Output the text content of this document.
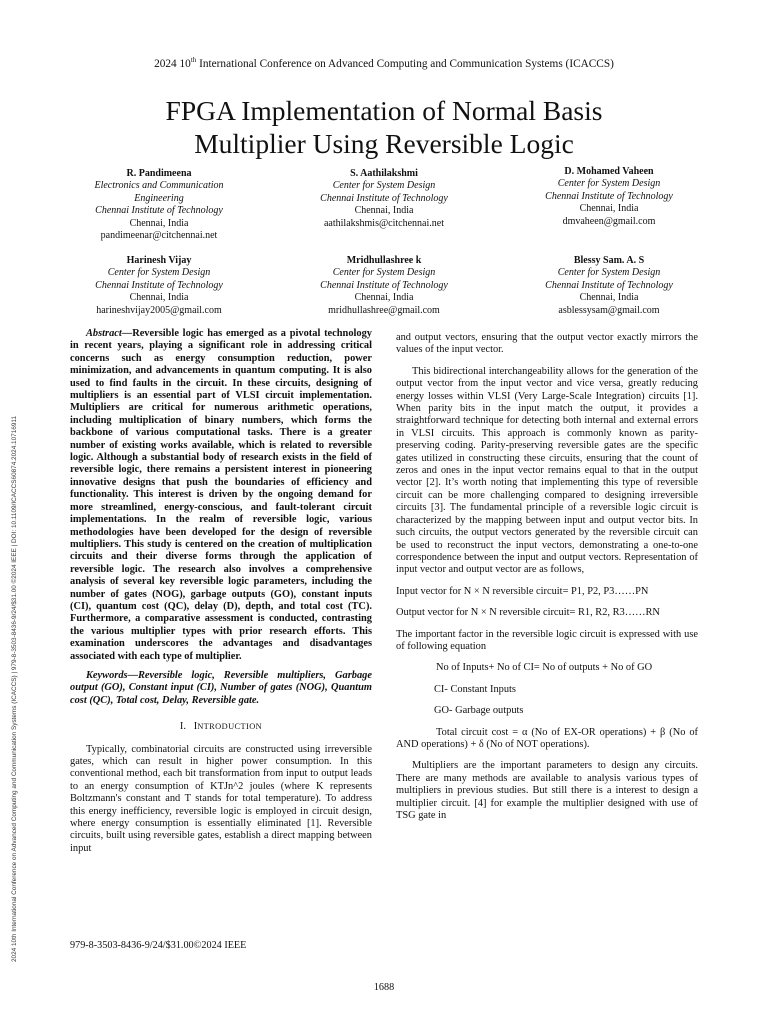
2024 10th International Conference on Advanced Computing and Communication Systems (ICACCS) | 979-8-3503-8436-9/24/$31.00 ©2024 IEEE | DOI: 10.1109/ICACCS60874.2024.10716911
2024 10th International Conference on Advanced Computing and Communication Systems (ICACCS)
FPGA Implementation of Normal Basis
Multiplier Using Reversible Logic
R. Pandimeena
Electronics and Communication
Engineering
Chennai Institute of Technology
Chennai, India
pandimeenar@citchennai.net
S. Aathilakshmi
Center for System Design
Chennai Institute of Technology
Chennai, India
aathilakshmis@citchennai.net
D. Mohamed Vaheen
Center for System Design
Chennai Institute of Technology
Chennai, India
dmvaheen@gmail.com
Harinesh Vijay
Center for System Design
Chennai Institute of Technology
Chennai, India
harineshvijay2005@gmail.com
Mridhullashree k
Center for System Design
Chennai Institute of Technology
Chennai, India
mridhullashree@gmail.com
Blessy Sam. A. S
Center for System Design
Chennai Institute of Technology
Chennai, India
asblessysam@gmail.com

Abstract—Reversible logic has emerged as a pivotal technology in recent years, playing a significant role in addressing critical concerns such as energy consumption reduction, power minimization, and advancements in quantum computing. It is also used to find faults in the circuit. In these circuits, designing of multipliers is an essential part of VLSI circuit implementation. Multipliers are critical for numerous arithmetic operations, including multiplication of binary numbers, which forms the backbone of various computational tasks. There is a greater number of existing works available, which is related to reversible logic. Although a substantial body of research exists in the field of reversible logic, there remains a persistent interest in pioneering innovative designs that push the boundaries of efficiency and functionality. This interest is driven by the ongoing demand for more streamlined, energy-conscious, and fault-tolerant circuit implementations. In the realm of reversible logic, various methodologies have been developed for the design of reversible multipliers. This study is centered on the creation of multiplication circuits and their diverse forms through the application of reversible logic. The research also involves a comprehensive analysis of several key reversible logic parameters, including the number of gates (NOG), garbage outputs (GO), constant inputs (CI), quantum cost (QC), delay (D), depth, and total cost (TC). Furthermore, a comparative assessment is conducted, contrasting the various multiplier types with prior research efforts. This examination underscores the advantages and disadvantages associated with each type of multiplier.

Keywords—Reversible logic, Reversible multipliers, Garbage output (GO), Constant input (CI), Number of gates (NOG), Quantum cost (QC), Total cost, Delay, Reversible gate.

I. INTRODUCTION

Typically, combinatorial circuits are constructed using irreversible gates, which can result in higher power consumption. In this conventional method, each bit transformation from input to output leads to an energy consumption of KTJn^2 joules (where K represents Boltzmann's constant and T stands for total temperature). To address this energy inefficiency, reversible logic is employed in circuit design, where energy consumption is essentially eliminated [1]. Reversible circuits, built using reversible gates, establish a direct mapping between input

and output vectors, ensuring that the output vector exactly mirrors the values of the input vector.

This bidirectional interchangeability allows for the generation of the output vector from the input vector and vice versa, greatly reducing energy losses within VLSI (Very Large-Scale Integration) circuits [1]. When parity bits in the input match the output, it provides a straightforward technique for detecting both internal and external errors in VLSI circuits. This approach is commonly known as parity-preserving coding. Parity-preserving reversible gates are the specific gates utilized in constructing these circuits, ensuring that the count of zeros and ones in the input vector remains equal to that in the output vector [2]. It’s worth noting that implementing this type of reversible circuit can be more challenging compared to designing irreversible circuits [3]. The fundamental principle of a reversible logic circuit is characterized by the mapping between input and output vector bits. In such circuits, the output vectors generated by the reversible circuit can be used to reconstruct the input vectors, demonstrating a one-to-one correspondence between the input and output vectors. Representation of input vector and output vector are as follows,

Input vector for N × N reversible circuit= P1, P2, P3……PN

Output vector for N × N reversible circuit= R1, R2, R3……RN

The important factor in the reversible logic circuit is expressed with use of following equation

No of Inputs+ No of CI= No of outputs + No of GO

CI- Constant Inputs

GO- Garbage outputs

Total circuit cost = α (No of EX-OR operations) + β (No of AND operations) + δ (No of NOT operations).

Multipliers are the important parameters to design any circuits. There are many methods are available to analysis various types of multipliers in previous studies. But still there is a interest to design a multiplier circuit. [4] for example the multiplier designed with use of TSG gate in

979-8-3503-8436-9/24/$31.00©2024 IEEE
1688
